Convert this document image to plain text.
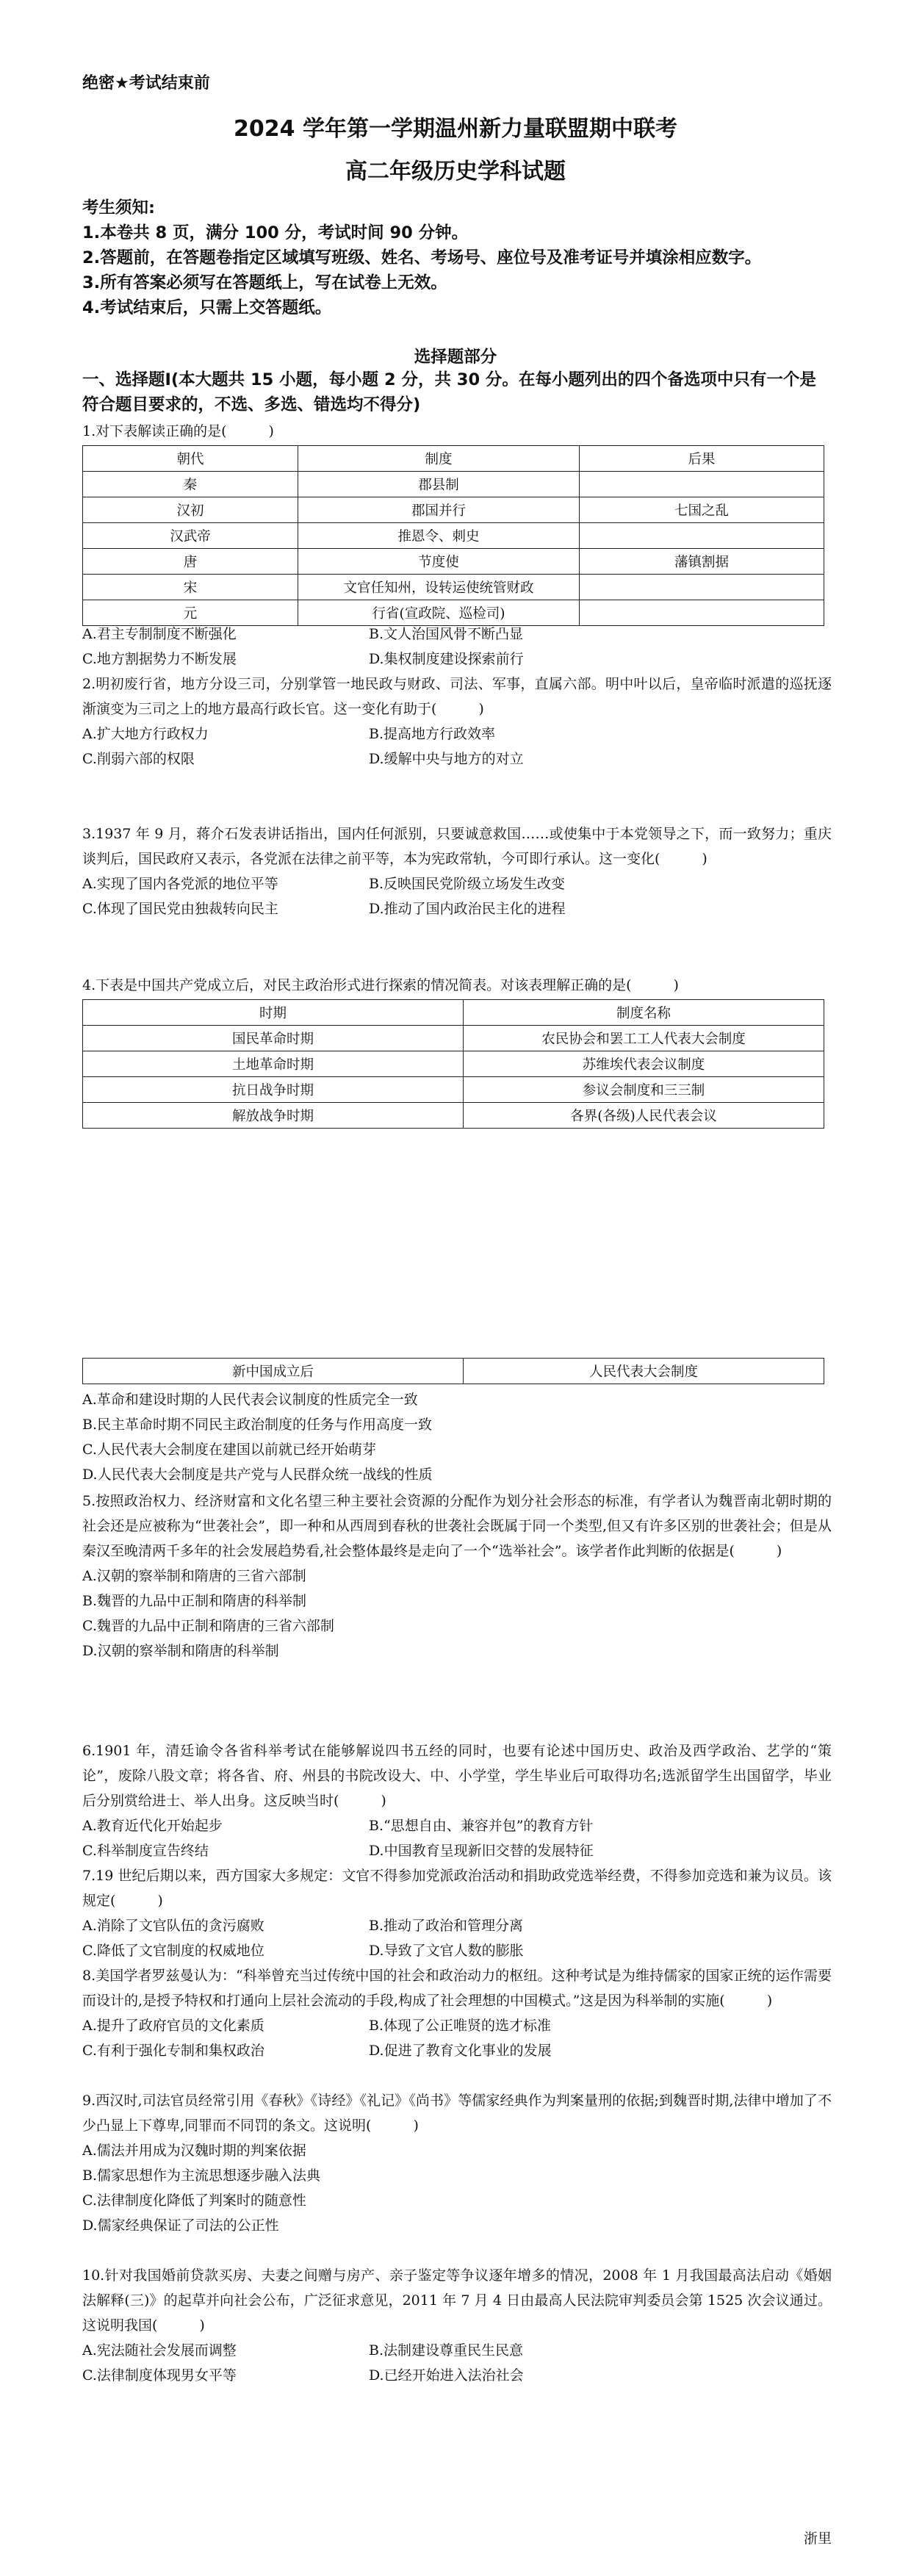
绝密★考试结束前
2024 学年第一学期温州新力量联盟期中联考
高二年级历史学科试题
考生须知:
1.本卷共 8 页，满分 100 分，考试时间 90 分钟。
2.答题前，在答题卷指定区域填写班级、姓名、考场号、座位号及准考证号并填涂相应数字。
3.所有答案必须写在答题纸上，写在试卷上无效。
4.考试结束后，只需上交答题纸。
选择题部分
一、选择题Ⅰ(本大题共 15 小题，每小题 2 分，共 30 分。在每小题列出的四个备选项中只有一个是符合题目要求的，不选、多选、错选均不得分)

1.对下表解读正确的是(　　　)

朝代	制度	后果
秦	郡县制	
汉初	郡国并行	七国之乱
汉武帝	推恩令、刺史	
唐	节度使	藩镇割据
宋	文官任知州，设转运使统管财政	
元	行省(宣政院、巡检司)	
A.君主专制制度不断强化	B.文人治国风骨不断凸显
C.地方割据势力不断发展	D.集权制度建设探索前行

2.明初废行省，地方分设三司，分别掌管一地民政与财政、司法、军事，直属六部。明中叶以后，皇帝临时派遣的巡抚逐渐演变为三司之上的地方最高行政长官。这一变化有助于(　　　)

A.扩大地方行政权力	B.提高地方行政效率
C.削弱六部的权限	D.缓解中央与地方的对立

3.1937 年 9 月，蒋介石发表讲话指出，国内任何派别，只要诚意救国……或使集中于本党领导之下，而一致努力；重庆谈判后，国民政府又表示，各党派在法律之前平等，本为宪政常轨，今可即行承认。这一变化(　　　)

A.实现了国内各党派的地位平等	B.反映国民党阶级立场发生改变
C.体现了国民党由独裁转向民主	D.推动了国内政治民主化的进程

4.下表是中国共产党成立后，对民主政治形式进行探索的情况简表。对该表理解正确的是(　　　)

时期	制度名称
国民革命时期	农民协会和罢工工人代表大会制度
土地革命时期	苏维埃代表会议制度
抗日战争时期	参议会制度和三三制
解放战争时期	各界(各级)人民代表会议
新中国成立后	人民代表大会制度
A.革命和建设时期的人民代表会议制度的性质完全一致
B.民主革命时期不同民主政治制度的任务与作用高度一致
C.人民代表大会制度在建国以前就已经开始萌芽
D.人民代表大会制度是共产党与人民群众统一战线的性质

5.按照政治权力、经济财富和文化名望三种主要社会资源的分配作为划分社会形态的标准，有学者认为魏晋南北朝时期的社会还是应被称为“世袭社会”，即一种和从西周到春秋的世袭社会既属于同一个类型,但又有许多区别的世袭社会；但是从秦汉至晚清两千多年的社会发展趋势看,社会整体最终是走向了一个“选举社会”。该学者作此判断的依据是(　　　)

A.汉朝的察举制和隋唐的三省六部制
B.魏晋的九品中正制和隋唐的科举制
C.魏晋的九品中正制和隋唐的三省六部制
D.汉朝的察举制和隋唐的科举制

6.1901 年，清廷谕令各省科举考试在能够解说四书五经的同时，也要有论述中国历史、政治及西学政治、艺学的“策论”，废除八股文章；将各省、府、州县的书院改设大、中、小学堂，学生毕业后可取得功名;选派留学生出国留学，毕业后分别赏给进士、举人出身。这反映当时(　　　)

A.教育近代化开始起步	B.“思想自由、兼容并包”的教育方针
C.科举制度宣告终结	D.中国教育呈现新旧交替的发展特征

7.19 世纪后期以来，西方国家大多规定：文官不得参加党派政治活动和捐助政党选举经费，不得参加竞选和兼为议员。该规定(　　　)

A.消除了文官队伍的贪污腐败	B.推动了政治和管理分离
C.降低了文官制度的权威地位	D.导致了文官人数的膨胀

8.美国学者罗兹曼认为：“科举曾充当过传统中国的社会和政治动力的枢纽。这种考试是为维持儒家的国家正统的运作需要而设计的,是授予特权和打通向上层社会流动的手段,构成了社会理想的中国模式。”这是因为科举制的实施(　　　)

A.提升了政府官员的文化素质	B.体现了公正唯贤的选才标准
C.有利于强化专制和集权政治	D.促进了教育文化事业的发展

9.西汉时,司法官员经常引用《春秋》《诗经》《礼记》《尚书》等儒家经典作为判案量刑的依据;到魏晋时期,法律中增加了不少凸显上下尊卑,同罪而不同罚的条文。这说明(　　　)

A.儒法并用成为汉魏时期的判案依据
B.儒家思想作为主流思想逐步融入法典
C.法律制度化降低了判案时的随意性
D.儒家经典保证了司法的公正性

10.针对我国婚前贷款买房、夫妻之间赠与房产、亲子鉴定等争议逐年增多的情况，2008 年 1 月我国最高法启动《婚姻法解释(三)》的起草并向社会公布，广泛征求意见，2011 年 7 月 4 日由最高人民法院审判委员会第 1525 次会议通过。这说明我国(　　　)

A.宪法随社会发展而调整	B.法制建设尊重民生民意
C.法律制度体现男女平等	D.已经开始进入法治社会
浙里
